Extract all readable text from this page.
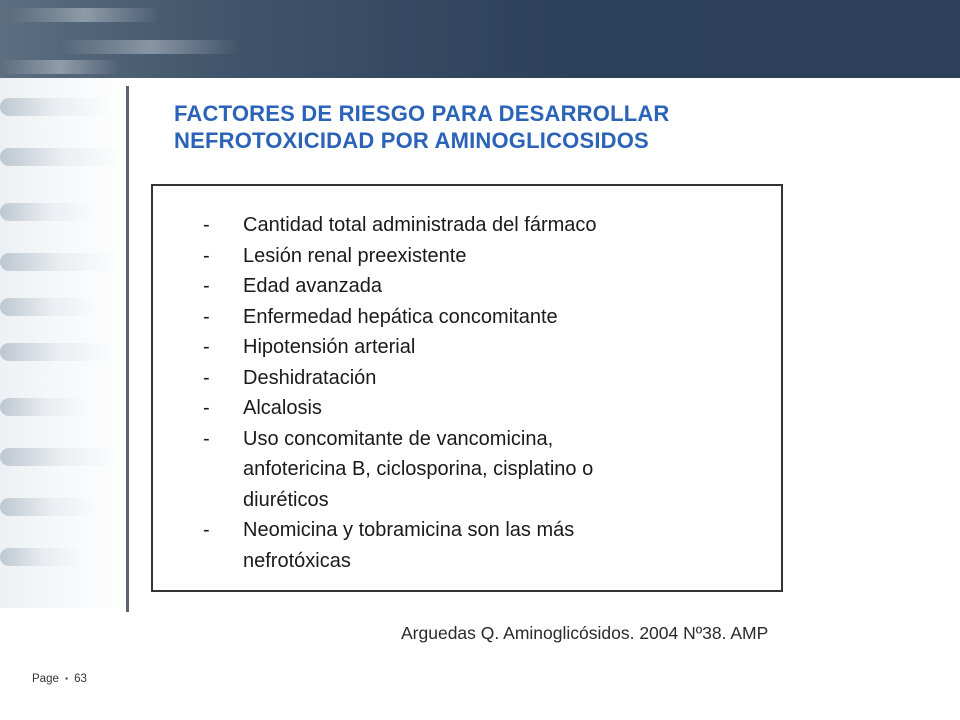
FACTORES DE RIESGO PARA DESARROLLAR
NEFROTOXICIDAD POR AMINOGLICOSIDOS
-	Cantidad total administrada del fármaco
-	Lesión renal preexistente
-	Edad avanzada
-	Enfermedad hepática concomitante
-	Hipotensión arterial
-	Deshidratación
-	Alcalosis
-	Uso concomitante de vancomicina,
anfotericina B, ciclosporina, cisplatino o
diuréticos
-	Neomicina y tobramicina son las más
nefrotóxicas
Arguedas Q. Aminoglicósidos. 2004 Nº38. AMP
Page ▪ 63
